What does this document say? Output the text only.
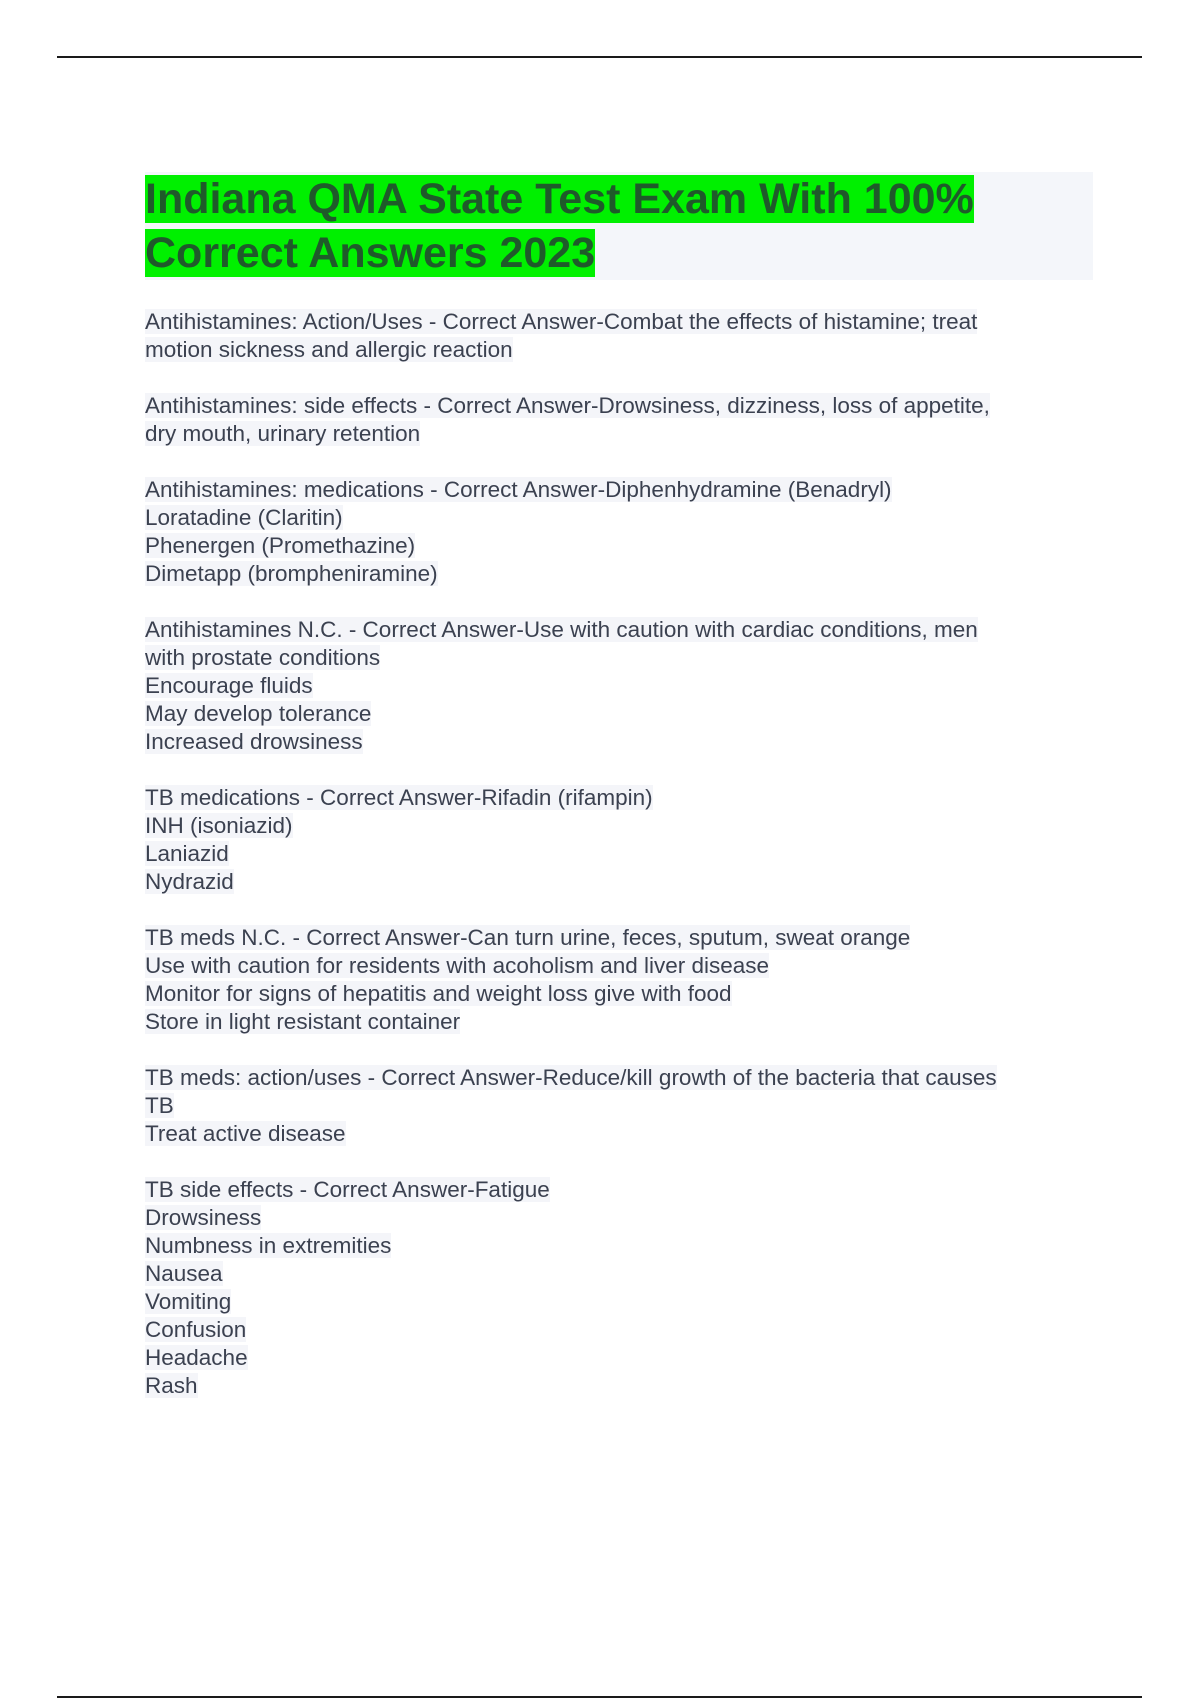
Indiana QMA State Test Exam With 100%
Correct Answers 2023
Antihistamines: Action/Uses - Correct Answer-Combat the effects of histamine; treat
motion sickness and allergic reaction
Antihistamines: side effects - Correct Answer-Drowsiness, dizziness, loss of appetite,
dry mouth, urinary retention
Antihistamines: medications - Correct Answer-Diphenhydramine (Benadryl)
Loratadine (Claritin)
Phenergen (Promethazine)
Dimetapp (brompheniramine)
Antihistamines N.C. - Correct Answer-Use with caution with cardiac conditions, men
with prostate conditions
Encourage fluids
May develop tolerance
Increased drowsiness
TB medications - Correct Answer-Rifadin (rifampin)
INH (isoniazid)
Laniazid
Nydrazid
TB meds N.C. - Correct Answer-Can turn urine, feces, sputum, sweat orange
Use with caution for residents with acoholism and liver disease
Monitor for signs of hepatitis and weight loss give with food
Store in light resistant container
TB meds: action/uses - Correct Answer-Reduce/kill growth of the bacteria that causes
TB
Treat active disease
TB side effects - Correct Answer-Fatigue
Drowsiness
Numbness in extremities
Nausea
Vomiting
Confusion
Headache
Rash
